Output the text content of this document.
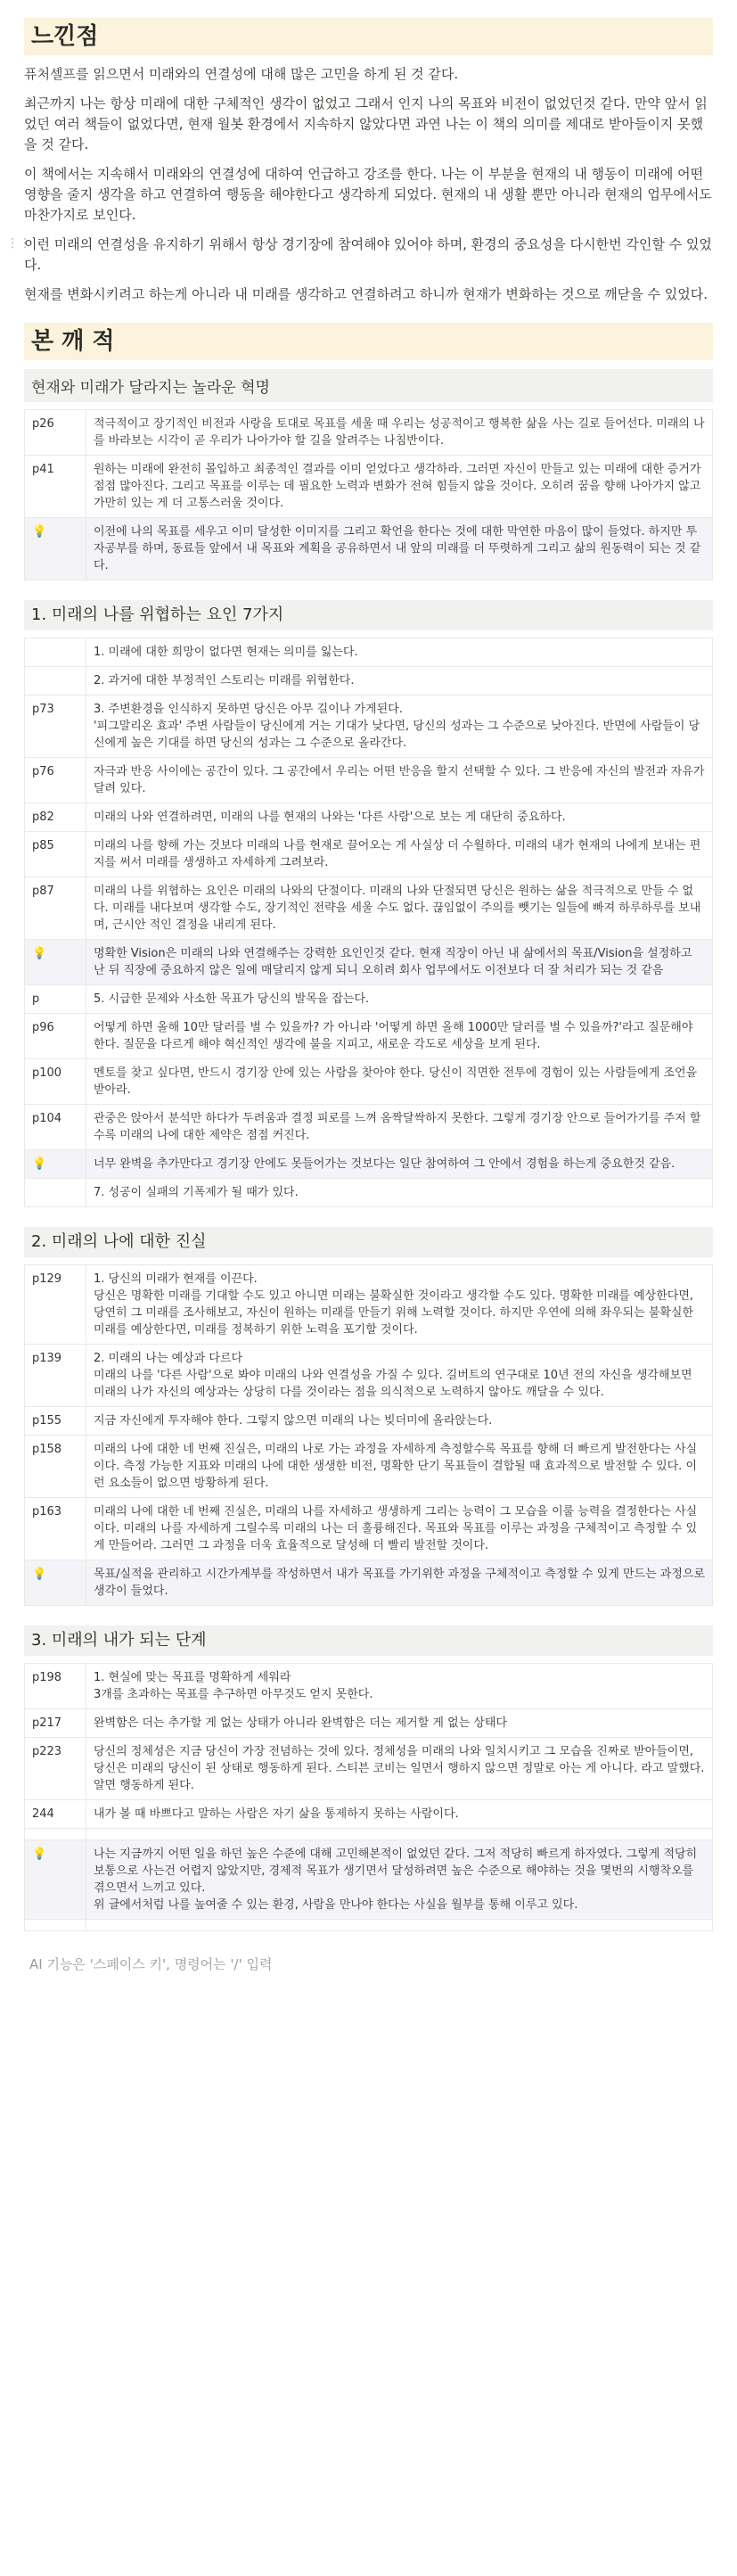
느낀점
퓨처셀프를 읽으면서 미래와의 연결성에 대해 많은 고민을 하게 된 것 같다.
최근까지 나는 항상 미래에 대한 구체적인 생각이 없었고 그래서 인지 나의 목표와 비전이 없었던것 같다. 만약 앞서 읽었던 여러 책들이 없었다면, 현재 월봇 환경에서 지속하지 않았다면 과연 나는 이 책의 의미를 제대로 받아들이지 못했을 것 같다.
이 책에서는 지속해서 미래와의 연결성에 대하여 언급하고 강조를 한다. 나는 이 부분을 현재의 내 행동이 미래에 어떤 영향을 줄지 생각을 하고 연결하여 행동을 해야한다고 생각하게 되었다. 현재의 내 생활 뿐만 아니라 현재의 업무에서도 마찬가지로 보인다.
⋮⋮
이런 미래의 연결성을 유지하기 위해서 항상 경기장에 참여해야 있어야 하며, 환경의 중요성을 다시한번 각인할 수 있었다.
현재를 변화시키려고 하는게 아니라 내 미래를 생각하고 연결하려고 하니까 현재가 변화하는 것으로 깨닫을 수 있었다.
본 깨 적
현재와 미래가 달라지는 놀라운 혁명
p26	적극적이고 장기적인 비전과 사랑을 토대로 목표를 세울 때 우리는 성공적이고 행복한 삶을 사는 길로 들어선다. 미래의 나를 바라보는 시각이 곧 우리가 나아가야 할 길을 알려주는 나침반이다.
p41	원하는 미래에 완전히 몰입하고 최종적인 결과를 이미 얻었다고 생각하라. 그러면 자신이 만들고 있는 미래에 대한 증거가 점점 많아진다. 그리고 목표를 이루는 데 필요한 노력과 변화가 전혀 힘들지 않을 것이다. 오히려 꿈을 향해 나아가지 않고 가만히 있는 게 더 고통스러울 것이다.
💡	이전에 나의 목표를 세우고 이미 달성한 이미지를 그리고 확언을 한다는 것에 대한 막연한 마음이 많이 들었다. 하지만 투자공부를 하며, 동료들 앞에서 내 목표와 계획을 공유하면서 내 앞의 미래를 더 뚜렷하게 그리고 삶의 원동력이 되는 것 같다.
1. 미래의 나를 위협하는 요인 7가지
	1. 미래에 대한 희망이 없다면 현재는 의미를 잃는다.
	2. 과거에 대한 부정적인 스토리는 미래를 위협한다.
p73	3. 주변환경을 인식하지 못하면 당신은 아무 길이나 가게된다.
'피그말리온 효과' 주변 사람들이 당신에게 거는 기대가 낮다면, 당신의 성과는 그 수준으로 낮아진다. 반면에 사람들이 당신에게 높은 기대를 하면 당신의 성과는 그 수준으로 올라간다.
p76	자극과 반응 사이에는 공간이 있다. 그 공간에서 우리는 어떤 반응을 할지 선택할 수 있다. 그 반응에 자신의 발전과 자유가 달려 있다.
p82	미래의 나와 연결하려면, 미래의 나를 현재의 나와는 '다른 사람'으로 보는 게 대단히 중요하다.
p85	미래의 나를 향해 가는 것보다 미래의 나를 현재로 끌어오는 게 사실상 더 수월하다. 미래의 내가 현재의 나에게 보내는 편지를 써서 미래를 생생하고 자세하게 그려보라.
p87	미래의 나를 위협하는 요인은 미래의 나와의 단절이다. 미래의 나와 단절되면 당신은 원하는 삶을 적극적으로 만들 수 없다. 미래를 내다보며 생각할 수도, 장기적인 전략을 세울 수도 없다. 끊임없이 주의를 뺏기는 일들에 빠져 하루하루를 보내며, 근시안 적인 결정을 내리게 된다.
💡	명확한 Vision은 미래의 나와 연결해주는 강력한 요인인것 같다. 현재 직장이 아닌 내 삶에서의 목표/Vision을 설정하고 난 뒤 직장에 중요하지 않은 일에 매달리지 않게 되니 오히려 회사 업무에서도 이전보다 더 잘 처리가 되는 것 같음
p	5. 시급한 문제와 사소한 목표가 당신의 발목을 잡는다.
p96	어떻게 하면 올해 10만 달러를 벌 수 있을까? 가 아니라 '어떻게 하면 올해 1000만 달러를 벌 수 있을까?'라고 질문해야 한다. 질문을 다르게 해야 혁신적인 생각에 불을 지피고, 새로운 각도로 세상을 보게 된다.
p100	멘토를 찾고 싶다면, 반드시 경기장 안에 있는 사람을 찾아야 한다. 당신이 직면한 전투에 경험이 있는 사람들에게 조언을 받아라.
p104	관중은 앉아서 분석만 하다가 두려움과 결정 피로를 느껴 옴짝달싹하지 못한다. 그렇게 경기장 안으로 들어가기를 주저 할수록 미래의 나에 대한 제약은 점점 커진다.
💡	너무 완벽을 추가만다고 경기장 안에도 못들어가는 것보다는 일단 참여하여 그 안에서 경험을 하는게 중요한것 같음.
	7. 성공이 실패의 기폭제가 될 때가 있다.
2. 미래의 나에 대한 진실
p129	1. 당신의 미래가 현재를 이끈다.
당신은 명확한 미래를 기대할 수도 있고 아니면 미래는 불확실한 것이라고 생각할 수도 있다. 명확한 미래를 예상한다면, 당연히 그 미래를 조사해보고, 자신이 원하는 미래를 만들기 위해 노력할 것이다. 하지만 우연에 의해 좌우되는 불확실한 미래를 예상한다면, 미래를 정복하기 위한 노력을 포기할 것이다.
p139	2. 미래의 나는 예상과 다르다
미래의 나를 '다른 사람'으로 봐야 미래의 나와 연결성을 가질 수 있다. 길버트의 연구대로 10년 전의 자신을 생각해보면 미래의 나가 자신의 예상과는 상당히 다를 것이라는 점을 의식적으로 노력하지 않아도 깨달을 수 있다.
p155	지금 자신에게 투자해야 한다. 그렇지 않으면 미래의 나는 빚더미에 올라앉는다.
p158	미래의 나에 대한 네 번째 진실은, 미래의 나로 가는 과정을 자세하게 측정할수록 목표를 향해 더 빠르게 발전한다는 사실이다. 측정 가능한 지표와 미래의 나에 대한 생생한 비전, 명확한 단기 목표들이 결합될 때 효과적으로 발전할 수 있다. 이런 요소들이 없으면 방황하게 된다.
p163	미래의 나에 대한 네 번째 진실은, 미래의 나를 자세하고 생생하게 그리는 능력이 그 모습을 이룰 능력을 결정한다는 사실이다. 미래의 나를 자세하게 그릴수록 미래의 나는 더 훌륭해진다. 목표와 목표를 이루는 과정을 구체적이고 측정할 수 있게 만들어라. 그러면 그 과정을 더욱 효율적으로 달성해 더 빨리 발전할 것이다.
💡	목표/실적을 관리하고 시간가계부를 작성하면서 내가 목표를 가기위한 과정을 구체적이고 측정할 수 있게 만드는 과정으로 생각이 들었다.
3. 미래의 내가 되는 단계
p198	1. 현실에 맞는 목표를 명확하게 세워라
3개를 초과하는 목표를 추구하면 아무것도 얻지 못한다.
p217	완벽함은 더는 추가할 게 없는 상태가 아니라 완벽함은 더는 제거할 게 없는 상태다
p223	당신의 정체성은 지금 당신이 가장 전념하는 것에 있다. 정체성을 미래의 나와 일치시키고 그 모습을 진짜로 받아들이면, 당신은 미래의 당신이 된 상태로 행동하게 된다. 스티븐 코비는 일면서 행하지 않으면 정말로 아는 게 아니다. 라고 말했다. 알면 행동하게 된다.
244	내가 볼 때 바쁘다고 말하는 사람은 자기 삶을 통제하지 못하는 사람이다.

💡	나는 지금까지 어떤 일을 하던 높은 수준에 대해 고민해본적이 없었던 같다. 그저 적당히 빠르게 하자였다. 그렇게 적당히 보통으로 사는건 어렵지 않았지만, 경제적 목표가 생기면서 달성하려면 높은 수준으로 해야하는 것을 몇번의 시행착오를 겪으면서 느끼고 있다.
위 글에서처럼 나를 높여줄 수 있는 환경, 사람을 만나야 한다는 사실을 월부를 통해 이루고 있다.

AI 기능은 '스페이스 키', 명령어는 '/' 입력
